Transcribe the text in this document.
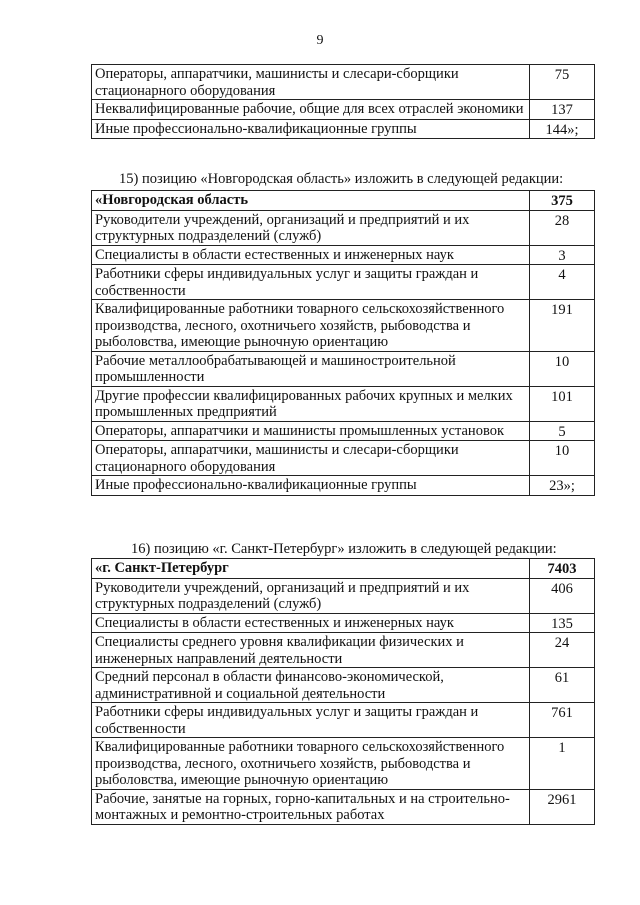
9
Операторы, аппаратчики, машинисты и слесари-сборщики стационарного оборудования	75
Неквалифицированные рабочие, общие для всех отраслей экономики	137
Иные профессионально-квалификационные группы	144»;
15) позицию «Новгородская область» изложить в следующей редакции:
«Новгородская область	375
Руководители учреждений, организаций и предприятий и их структурных подразделений (служб)	28
Специалисты в области естественных и инженерных наук	3
Работники сферы индивидуальных услуг и защиты граждан и собственности	4
Квалифицированные работники товарного сельскохозяйственного производства, лесного, охотничьего хозяйств, рыбоводства и рыболовства, имеющие рыночную ориентацию	191
Рабочие металлообрабатывающей и машиностроительной промышленности	10
Другие профессии квалифицированных рабочих крупных и мелких промышленных предприятий	101
Операторы, аппаратчики и машинисты промышленных установок	5
Операторы, аппаратчики, машинисты и слесари-сборщики стационарного оборудования	10
Иные профессионально-квалификационные группы	23»;
16) позицию «г. Санкт-Петербург» изложить в следующей редакции:
«г. Санкт-Петербург	7403
Руководители учреждений, организаций и предприятий и их структурных подразделений (служб)	406
Специалисты в области естественных и инженерных наук	135
Специалисты среднего уровня квалификации физических и инженерных направлений деятельности	24
Средний персонал в области финансово-экономической, административной и социальной деятельности	61
Работники сферы индивидуальных услуг и защиты граждан и собственности	761
Квалифицированные работники товарного сельскохозяйственного производства, лесного, охотничьего хозяйств, рыбоводства и рыболовства, имеющие рыночную ориентацию	1
Рабочие, занятые на горных, горно-капитальных и на строительно-монтажных и ремонтно-строительных работах	2961
